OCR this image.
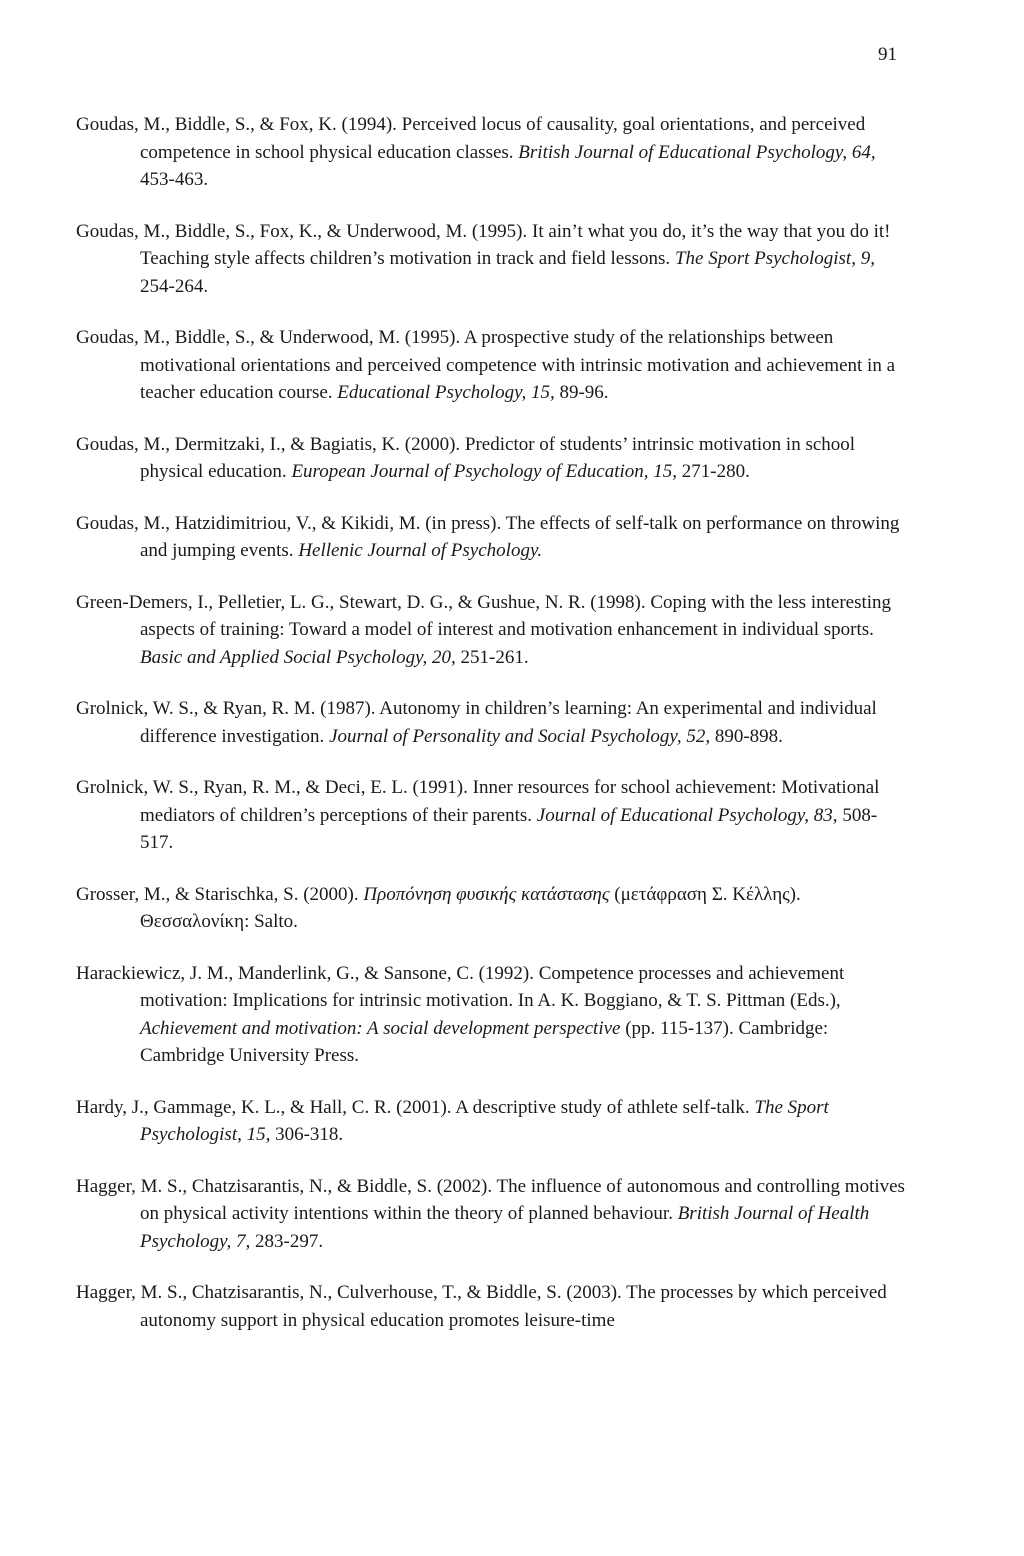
91

Goudas, M., Biddle, S., & Fox, K. (1994). Perceived locus of causality, goal orientations, and perceived competence in school physical education classes. British Journal of Educational Psychology, 64, 453-463.

Goudas, M., Biddle, S., Fox, K., & Underwood, M. (1995). It ain’t what you do, it’s the way that you do it! Teaching style affects children’s motivation in track and field lessons. The Sport Psychologist, 9, 254-264.

Goudas, M., Biddle, S., & Underwood, M. (1995). A prospective study of the relationships between motivational orientations and perceived competence with intrinsic motivation and achievement in a teacher education course. Educational Psychology, 15, 89-96.

Goudas, M., Dermitzaki, I., & Bagiatis, K. (2000). Predictor of students’ intrinsic motivation in school physical education. European Journal of Psychology of Education, 15, 271-280.

Goudas, M., Hatzidimitriou, V., & Kikidi, M. (in press). The effects of self-talk on performance on throwing and jumping events. Hellenic Journal of Psychology.

Green-Demers, I., Pelletier, L. G., Stewart, D. G., & Gushue, N. R. (1998). Coping with the less interesting aspects of training: Toward a model of interest and motivation enhancement in individual sports. Basic and Applied Social Psychology, 20, 251-261.

Grolnick, W. S., & Ryan, R. M. (1987). Autonomy in children’s learning: An experimental and individual difference investigation. Journal of Personality and Social Psychology, 52, 890-898.

Grolnick, W. S., Ryan, R. M., & Deci, E. L. (1991). Inner resources for school achievement: Motivational mediators of children’s perceptions of their parents. Journal of Educational Psychology, 83, 508-517.

Grosser, M., & Starischka, S. (2000). Προπόνηση φυσικής κατάστασης (μετάφραση Σ. Κέλλης). Θεσσαλονίκη: Salto.

Harackiewicz, J. M., Manderlink, G., & Sansone, C. (1992). Competence processes and achievement motivation: Implications for intrinsic motivation. In A. K. Boggiano, & T. S. Pittman (Eds.), Achievement and motivation: A social development perspective (pp. 115-137). Cambridge: Cambridge University Press.

Hardy, J., Gammage, K. L., & Hall, C. R. (2001). A descriptive study of athlete self-talk. The Sport Psychologist, 15, 306-318.

Hagger, M. S., Chatzisarantis, N., & Biddle, S. (2002). The influence of autonomous and controlling motives on physical activity intentions within the theory of planned behaviour. British Journal of Health Psychology, 7, 283-297.

Hagger, M. S., Chatzisarantis, N., Culverhouse, T., & Biddle, S. (2003). The processes by which perceived autonomy support in physical education promotes leisure-time
